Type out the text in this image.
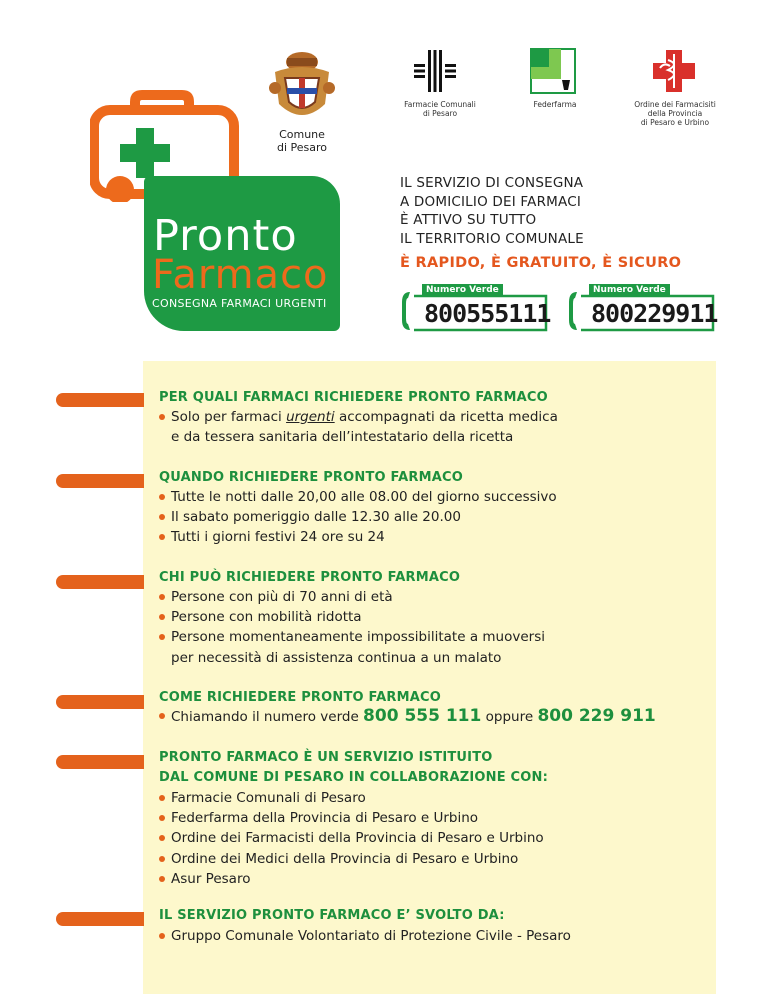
Pronto
Farmaco
CONSEGNA FARMACI URGENTI
Comune
di Pesaro
Farmacie Comunali
di Pesaro
Federfarma	Ordine dei Farmacisiti
della Provincia
di Pesaro e Urbino
IL SERVIZIO DI CONSEGNA
A DOMICILIO DEI FARMACI
È ATTIVO SU TUTTO
IL TERRITORIO COMUNALE
È RAPIDO, È GRATUITO, È SICURO
Numero Verde
800555111
Numero Verde
800229911
PER QUALI FARMACI RICHIEDERE PRONTO FARMACO
Solo per farmaci urgenti accompagnati da ricetta medica
e da tessera sanitaria dell’intestatario della ricetta
QUANDO RICHIEDERE PRONTO FARMACO
Tutte le notti dalle 20,00 alle 08.00 del giorno successivo
Il sabato pomeriggio dalle 12.30 alle 20.00
Tutti i giorni festivi 24 ore su 24
CHI PUÒ RICHIEDERE PRONTO FARMACO
Persone con più di 70 anni di età
Persone con mobilità ridotta
Persone momentaneamente impossibilitate a muoversi
per necessità di assistenza continua a un malato
COME RICHIEDERE PRONTO FARMACO
Chiamando il numero verde 800 555 111 oppure 800 229 911
PRONTO FARMACO È UN SERVIZIO ISTITUITO
DAL COMUNE DI PESARO IN COLLABORAZIONE CON:
Farmacie Comunali di Pesaro
Federfarma della Provincia di Pesaro e Urbino
Ordine dei Farmacisti della Provincia di Pesaro e Urbino
Ordine dei Medici della Provincia di Pesaro e Urbino
Asur Pesaro
IL SERVIZIO PRONTO FARMACO E’ SVOLTO DA:
Gruppo Comunale Volontariato di Protezione Civile - Pesaro
